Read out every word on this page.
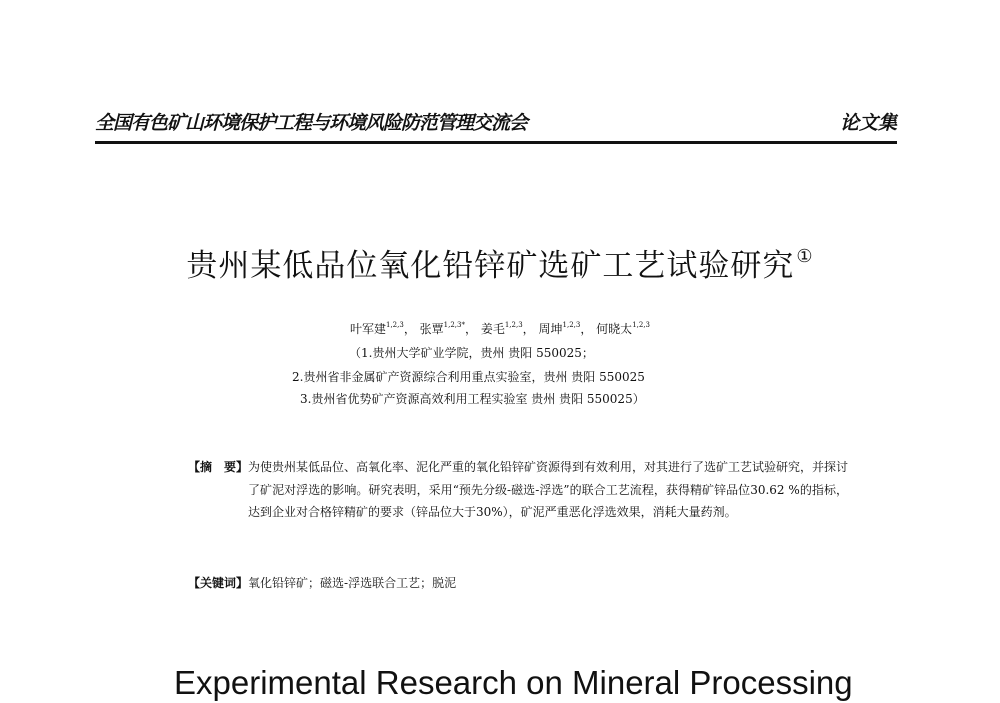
全国有色矿山环境保护工程与环境风险防范管理交流会	论文集
贵州某低品位氧化铅锌矿选矿工艺试验研究 ①
叶军建$^{1,2,3}$， 张覃$^{1,2,3*}$， 姜毛$^{1,2,3}$， 周坤$^{1,2,3}$， 何晓太$^{1,2,3}$
（1.贵州大学矿业学院，贵州 贵阳 550025；
2.贵州省非金属矿产资源综合利用重点实验室，贵州 贵阳 550025
3.贵州省优势矿产资源高效利用工程实验室 贵州 贵阳 550025）
【摘　要】 为使贵州某低品位、高氧化率、泥化严重的氧化铅锌矿资源得到有效利用，对其进行了选矿工艺试验研究，并探讨了矿泥对浮选的影响。研究表明，采用“预先分级-磁选-浮选”的联合工艺流程，获得精矿锌品位30.62 %的指标，达到企业对合格锌精矿的要求（锌品位大于30%），矿泥严重恶化浮选效果，消耗大量药剂。
【关键词】氧化铅锌矿；磁选-浮选联合工艺；脱泥
Experimental Research on Mineral Processing
